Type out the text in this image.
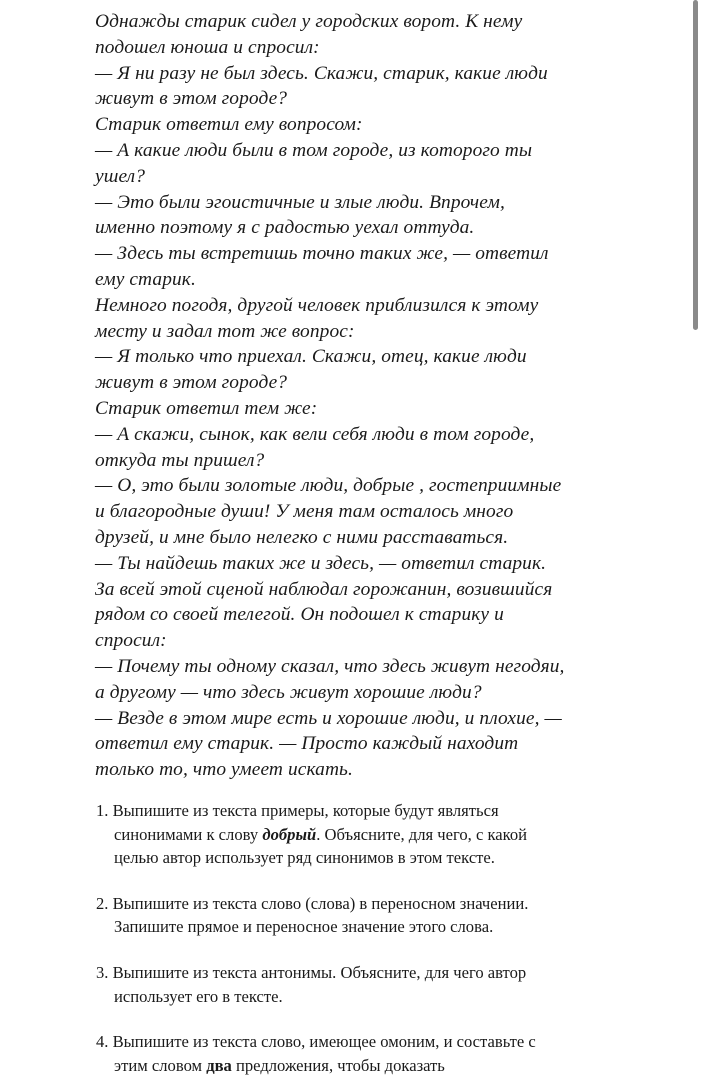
Однажды старик сидел у городских ворот. К нему
подошел юноша и спросил:
— Я ни разу не был здесь. Скажи, старик, какие люди
живут в этом городе?
Старик ответил ему вопросом:
— А какие люди были в том городе, из которого ты
ушел?
— Это были эгоистичные и злые люди. Впрочем,
именно поэтому я с радостью уехал оттуда.
— Здесь ты встретишь точно таких же, — ответил
ему старик.
Немного погодя, другой человек приблизился к этому
месту и задал тот же вопрос:
— Я только что приехал. Скажи, отец, какие люди
живут в этом городе?
Старик ответил тем же:
— А скажи, сынок, как вели себя люди в том городе,
откуда ты пришел?
— О, это были золотые люди, добрые , гостеприимные
и благородные души! У меня там осталось много
друзей, и мне было нелегко с ними расставаться.
— Ты найдешь таких же и здесь, — ответил старик.
За всей этой сценой наблюдал горожанин, возившийся
рядом со своей телегой. Он подошел к старику и
спросил:
— Почему ты одному сказал, что здесь живут негодяи,
а другому — что здесь живут хорошие люди?
— Везде в этом мире есть и хорошие люди, и плохие, —
ответил ему старик. — Просто каждый находит
только то, что умеет искать.
1. Выпишите из текста примеры, которые будут являться
синонимами к слову добрый. Объясните, для чего, с какой
целью автор использует ряд синонимов в этом тексте.
2. Выпишите из текста слово (слова) в переносном значении.
Запишите прямое и переносное значение этого слова.
3. Выпишите из текста антонимы. Объясните, для чего автор
использует его в тексте.
4. Выпишите из текста слово, имеющее омоним, и составьте с
этим словом два предложения, чтобы доказать
